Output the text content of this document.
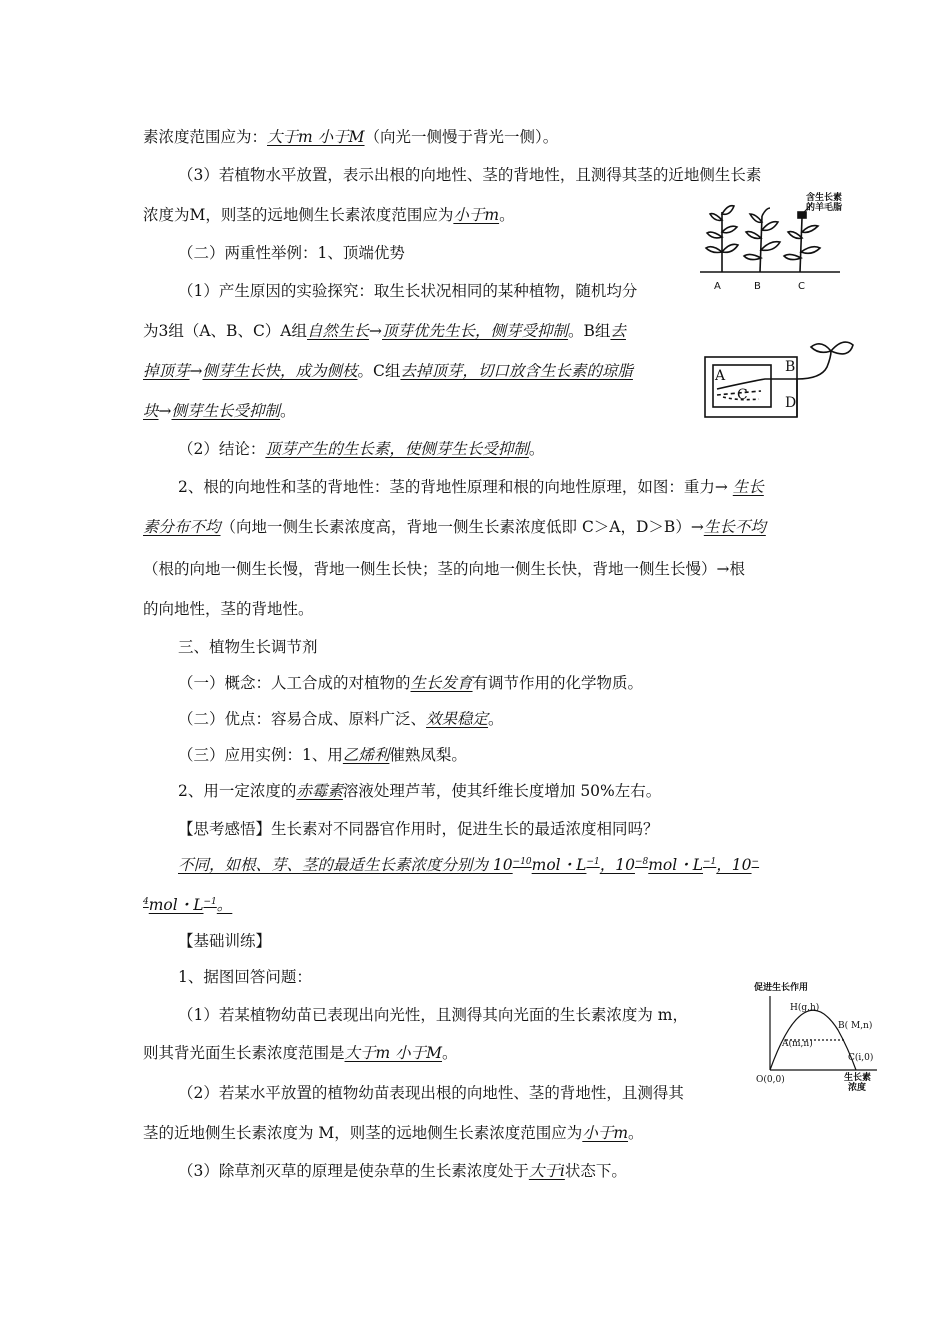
素浓度范围应为：大于m 小于M（向光一侧慢于背光一侧）。
（3）若植物水平放置，表示出根的向地性、茎的背地性，且测得其茎的近地侧生长素
浓度为M，则茎的远地侧生长素浓度范围应为小于m。
（二）两重性举例：1、顶端优势
（1）产生原因的实验探究：取生长状况相同的某种植物，随机均分
为3组（A、B、C）A组自然生长→顶芽优先生长，侧芽受抑制。B组去
掉顶芽→侧芽生长快，成为侧枝。C组去掉顶芽，切口放含生长素的琼脂
块→侧芽生长受抑制。
（2）结论：顶芽产生的生长素，使侧芽生长受抑制。
2、根的向地性和茎的背地性：茎的背地性原理和根的向地性原理，如图：重力→ 生长
素分布不均（向地一侧生长素浓度高，背地一侧生长素浓度低即 C＞A，D＞B）→生长不均
（根的向地一侧生长慢，背地一侧生长快；茎的向地一侧生长快，背地一侧生长慢）→根
的向地性，茎的背地性。
三、植物生长调节剂
（一）概念：人工合成的对植物的生长发育有调节作用的化学物质。
（二）优点：容易合成、原料广泛、效果稳定。
（三）应用实例：1、用乙烯利催熟凤梨。
2、用一定浓度的赤霉素溶液处理芦苇，使其纤维长度增加 50%左右。
【思考感悟】生长素对不同器官作用时，促进生长的最适浓度相同吗？
不同，如根、芽、茎的最适生长素浓度分别为 $10^{-10}mol$・$L^{-1}$，$10^{-8}mol$・$L^{-1}$，10−
$^4$mol・$L^{-1}$。
【基础训练】
1、据图回答问题：
（1）若某植物幼苗已表现出向光性，且测得其向光面的生长素浓度为 m，
则其背光面生长素浓度范围是大于m 小于M。
（2）若某水平放置的植物幼苗表现出根的向地性、茎的背地性，且测得其
茎的近地侧生长素浓度为 M，则茎的远地侧生长素浓度范围应为小于m。
（3）除草剂灭草的原理是使杂草的生长素浓度处于大于i状态下。
含生长素
的羊毛脂
A	B	C
A
C
B
D
促进生长作用
H(g,h)
B( M,n)
A(m,n)
C(i,0)
O(0,0)	生长素
浓度
